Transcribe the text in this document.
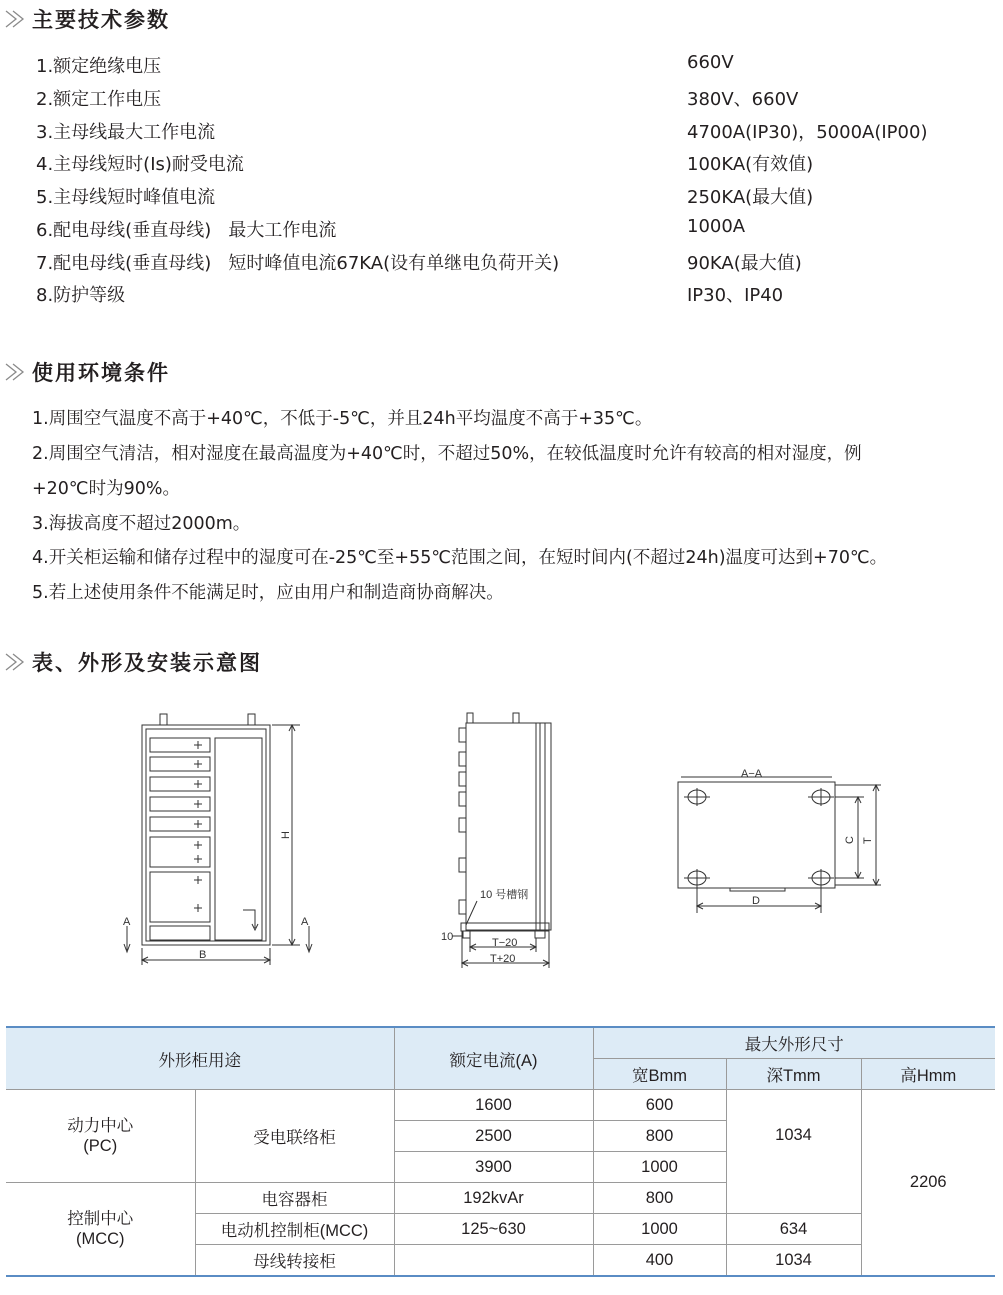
主要技术参数
1.额定绝缘电压	660V
2.额定工作电压	380V、660V
3.主母线最大工作电流	4700A(IP30)，5000A(IP00)
4.主母线短时(Is)耐受电流	100KA(有效值)
5.主母线短时峰值电流	250KA(最大值)
6.配电母线(垂直母线)   最大工作电流	1000A
7.配电母线(垂直母线)   短时峰值电流67KA(设有单继电负荷开关)	90KA(最大值)
8.防护等级	IP30、IP40
使用环境条件
1.周围空气温度不高于+40℃，不低于-5℃，并且24h平均温度不高于+35℃。
2.周围空气清洁，相对湿度在最高温度为+40℃时，不超过50%，在较低温度时允许有较高的相对湿度，例
+20℃时为90%。
3.海拔高度不超过2000m。
4.开关柜运输和储存过程中的湿度可在-25℃至+55℃范围之间，在短时间内(不超过24h)温度可达到+70℃。
5.若上述使用条件不能满足时，应由用户和制造商协商解决。
表、外形及安装示意图
H
B
A	A
10 号槽钢
10	T−20
T+20
A−A
C T
D
外形柜用途		额定电流(A)	最大外形尺寸		
			宽Bmm	深Tmm	高Hmm
动力中心
(PC)	受电联络柜	1600	600	1034	2206
		2500	800		
		3900	1000		
控制中心
(MCC)	电容器柜	192kvAr	800		
	电动机控制柜(MCC)	125~630	1000	634	
	母线转接柜		400	1034	
